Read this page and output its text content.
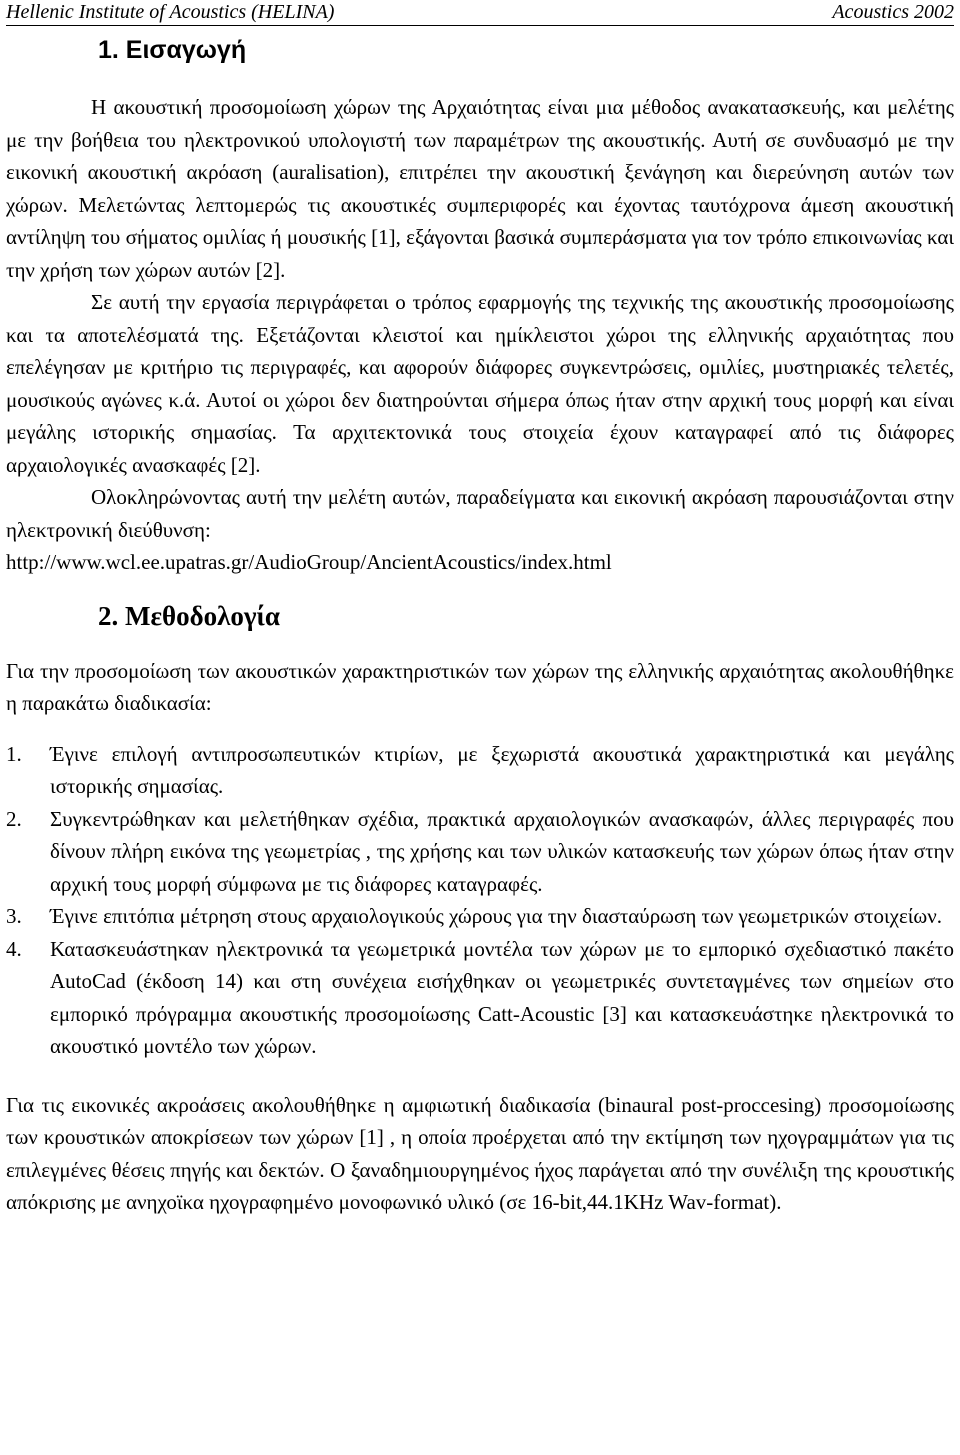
Hellenic Institute of Acoustics (HELINA)	Acoustics 2002
1. Εισαγωγή

Η ακουστική προσομοίωση χώρων της Αρχαιότητας είναι μια μέθοδος ανακατασκευής, και μελέτης με την βοήθεια του ηλεκτρονικού υπολογιστή των παραμέτρων της ακουστικής. Αυτή σε συνδυασμό με την εικονική ακουστική ακρόαση (auralisation), επιτρέπει την ακουστική ξενάγηση και διερεύνηση αυτών των χώρων. Μελετώντας λεπτομερώς τις ακουστικές συμπεριφορές και έχοντας ταυτόχρονα άμεση ακουστική αντίληψη του σήματος ομιλίας ή μουσικής [1], εξάγονται βασικά συμπεράσματα για τον τρόπο επικοινωνίας και την χρήση των χώρων αυτών [2].

Σε αυτή την εργασία περιγράφεται ο τρόπος εφαρμογής της τεχνικής της ακουστικής προσομοίωσης και τα αποτελέσματά της. Εξετάζονται κλειστοί και ημίκλειστοι χώροι της ελληνικής αρχαιότητας που επελέγησαν με κριτήριο τις περιγραφές, και αφορούν διάφορες συγκεντρώσεις, ομιλίες, μυστηριακές τελετές, μουσικούς αγώνες κ.ά. Αυτοί οι χώροι δεν διατηρούνται σήμερα όπως ήταν στην αρχική τους μορφή και είναι μεγάλης ιστορικής σημασίας. Τα αρχιτεκτονικά τους στοιχεία έχουν καταγραφεί από τις διάφορες αρχαιολογικές ανασκαφές [2].

Ολοκληρώνοντας αυτή την μελέτη αυτών, παραδείγματα και εικονική ακρόαση παρουσιάζονται στην ηλεκτρονική διεύθυνση:

http://www.wcl.ee.upatras.gr/AudioGroup/AncientAcoustics/index.html

2. Μεθοδολογία

Για την προσομοίωση των ακουστικών χαρακτηριστικών των χώρων της ελληνικής αρχαιότητας ακολουθήθηκε η παρακάτω διαδικασία:

1.	Έγινε επιλογή αντιπροσωπευτικών κτιρίων, με ξεχωριστά ακουστικά χαρακτηριστικά και μεγάλης ιστορικής σημασίας.
2.	Συγκεντρώθηκαν και μελετήθηκαν σχέδια, πρακτικά αρχαιολογικών ανασκαφών, άλλες περιγραφές που δίνουν πλήρη εικόνα της γεωμετρίας , της χρήσης και των υλικών κατασκευής των χώρων όπως ήταν στην αρχική τους μορφή σύμφωνα με τις διάφορες καταγραφές.
3.	Έγινε επιτόπια μέτρηση στους αρχαιολογικούς χώρους για την διασταύρωση των γεωμετρικών στοιχείων.
4.	Κατασκευάστηκαν ηλεκτρονικά τα γεωμετρικά μοντέλα των χώρων με το εμπορικό σχεδιαστικό πακέτο AutoCad (έκδοση 14) και στη συνέχεια εισήχθηκαν οι γεωμετρικές συντεταγμένες των σημείων στο εμπορικό πρόγραμμα ακουστικής προσομοίωσης Catt-Acoustic [3] και κατασκευάστηκε ηλεκτρονικά το ακουστικό μοντέλο των χώρων.

Για τις εικονικές ακροάσεις ακολουθήθηκε η αμφιωτική διαδικασία (binaural post-proccesing) προσομοίωσης των κρουστικών αποκρίσεων των χώρων [1] , η οποία προέρχεται από την εκτίμηση των ηχογραμμάτων για τις επιλεγμένες θέσεις πηγής και δεκτών. Ο ξαναδημιουργημένος ήχος παράγεται από την συνέλιξη της κρουστικής απόκρισης με ανηχοϊκα ηχογραφημένο μονοφωνικό υλικό (σε 16-bit,44.1KHz Wav-format).
